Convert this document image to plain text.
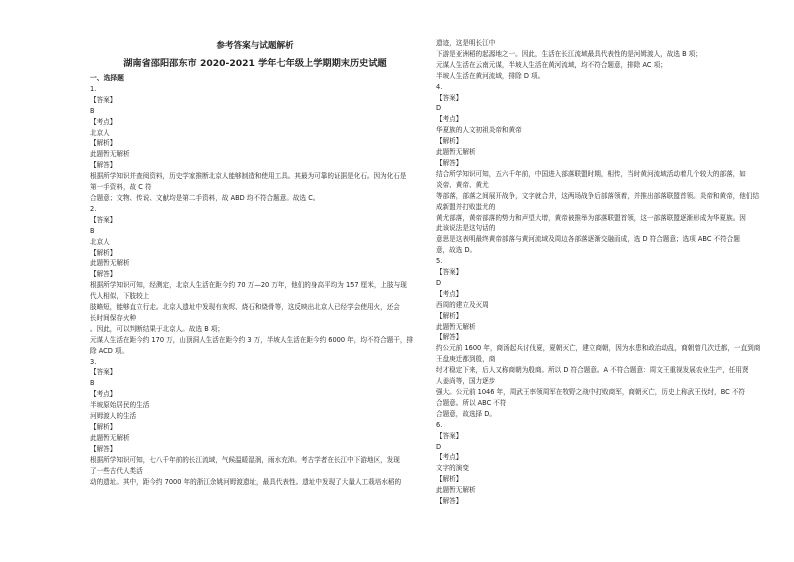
参考答案与试题解析
湖南省邵阳邵东市 2020-2021 学年七年级上学期期末历史试题
一、选择题
1.
【答案】
B
【考点】
北京人
【解析】
此题暂无解析
【解答】
根据所学知识并查阅资料，历史学家推断北京人能够制造和使用工具。其最为可靠的证据是化石。因为化石是
第一手资料，故 C 符
合题意；文物、传说、文献均是第二手资料，故 ABD 均不符合题意。故选 C。
2.
【答案】
B
北京人
【解析】
此题暂无解析
【解答】
根据所学知识可知，经测定，北京人生活在距今约 70 万—20 万年，他们的身高平均为 157 厘米，上肢与现
代人相似，下肢较上
肢略短，能够直立行走。北京人遗址中发现有灰烬、烧石和烧骨等，这反映出北京人已经学会使用火，还会
长时间保存火种
。因此，可以判断结果于北京人。故选 B 项；
元谋人生活在距今约 170 万，山顶洞人生活在距今约 3 万，半坡人生活在距今约 6000 年，均不符合题干，排
除 ACD 项。
3.
【答案】
B
【考点】
半坡原始居民的生活
河姆渡人的生活
【解析】
此题暂无解析
【解答】
根据所学知识可知，七八千年前的长江流域，气候温暖湿润，雨水充沛。考古学者在长江中下游地区，发现
了一些古代人类活
动的遗址。其中，距今约 7000 年的浙江余姚河姆渡遗址，最具代表性。遗址中发现了大量人工栽培水稻的
遗迹，这是明长江中
下游是亚洲稻的起源地之一。因此，生活在长江流域最具代表性的是河姆渡人，故选 B 项；
元谋人生活在云南元谋，半坡人生活在黄河流域，均不符合题意，排除 AC 项；
半坡人生活在黄河流域，排除 D 项。
4.
【答案】
D
【考点】
华夏族的人文初祖炎帝和黄帝
【解析】
此题暂无解析
【解答】
结合所学知识可知，五六千年前，中国进入部落联盟时期，相传，当时黄河流域活动着几个较大的部落，如
炎帝、黄帝、黄尤
等部落，部落之间展开战争，文字就合并，这两场战争后部落领着，并推出部落联盟首领。炎帝和黄帝，他们结
成新盟并打败蚩尤的
黄尤部落，黄帝部落的势力和声望大增，黄帝被推举为部落联盟首领，这一部落联盟逐渐形成为华夏族。因
此该说法是这句话的
意思是这表明最终黄帝部落与黄河流域及周边各部落逐渐交融而成，选 D 符合题意；选项 ABC 不符合题
意，故选 D。
5.
【答案】
D
【考点】
西周的建立及灭周
【解析】
此题暂无解析
【解答】
约公元前 1600 年，商汤起兵讨伐夏，夏朝灭亡，建立商朝，因为水患和政治动乱，商朝曾几次迁都，一直到商
王盘庚迁都到殷，商
纣才稳定下来，后人又称商朝为殷商。所以 D 符合题意。A 不符合题意：周文王重视发展农业生产，任用贤
人姜尚等，国力逐步
强大。公元前 1046 年，周武王率领周军在牧野之战中打败商军，商朝灭亡，历史上称武王伐纣，BC 不符
合题意。所以 ABC 不符
合题意，故选择 D。
6.
【答案】
D
【考点】
文字的演变
【解析】
此题暂无解析
【解答】
